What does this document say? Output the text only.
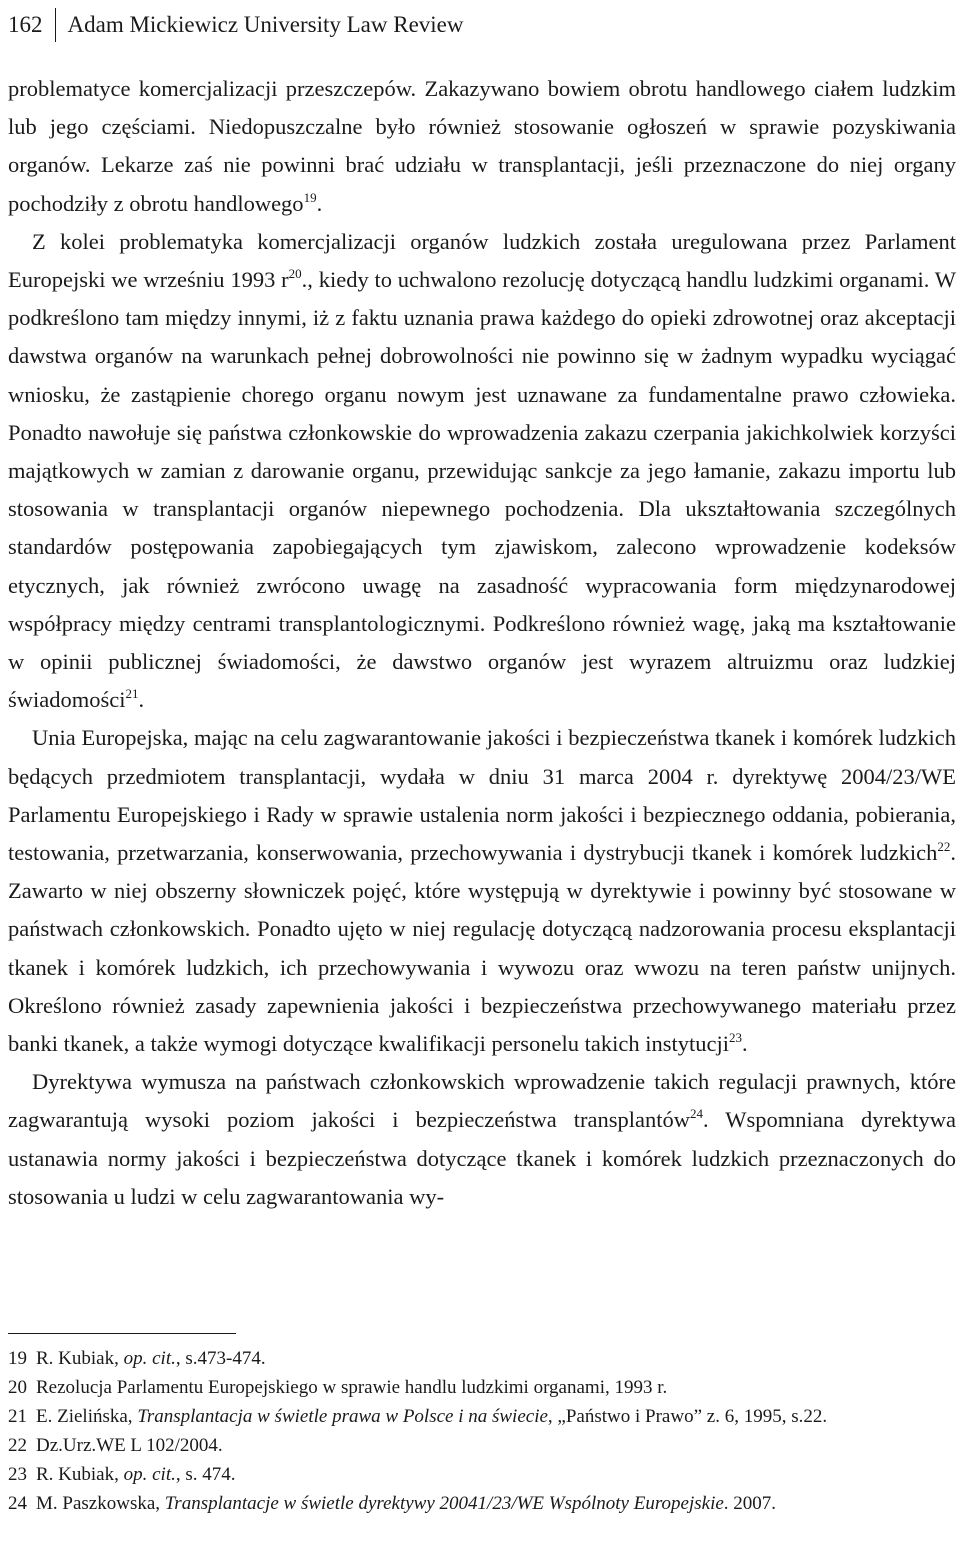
162	Adam Mickiewicz University Law Review

problematyce komercjalizacji przeszczepów. Zakazywano bowiem obrotu handlowego ciałem ludzkim lub jego częściami. Niedopuszczalne było również stosowanie ogłoszeń w sprawie pozyskiwania organów. Lekarze zaś nie powinni brać udziału w transplantacji, jeśli przeznaczone do niej organy pochodziły z obrotu handlowego$^{19}$.

Z kolei problematyka komercjalizacji organów ludzkich została uregulowana przez Parlament Europejski we wrześniu 1993 $r^{20}$., kiedy to uchwalono rezolucję dotyczącą handlu ludzkimi organami. W podkreślono tam między innymi, iż z faktu uznania prawa każdego do opieki zdrowotnej oraz akceptacji dawstwa organów na warunkach pełnej dobrowolności nie powinno się w żadnym wypadku wyciągać wniosku, że zastąpienie chorego organu nowym jest uznawane za fundamentalne prawo człowieka. Ponadto nawołuje się państwa członkowskie do wprowadzenia zakazu czerpania jakichkolwiek korzyści majątkowych w zamian z darowanie organu, przewidując sankcje za jego łamanie, zakazu importu lub stosowania w transplantacji organów niepewnego pochodzenia. Dla ukształtowania szczególnych standardów postępowania zapobiegających tym zjawiskom, zalecono wprowadzenie kodeksów etycznych, jak również zwrócono uwagę na zasadność wypracowania form międzynarodowej współpracy między centrami transplantologicznymi. Podkreślono również wagę, jaką ma kształtowanie w opinii publicznej świadomości, że dawstwo organów jest wyrazem altruizmu oraz ludzkiej świadomości$^{21}$.

Unia Europejska, mając na celu zagwarantowanie jakości i bezpieczeństwa tkanek i komórek ludzkich będących przedmiotem transplantacji, wydała w dniu 31 marca 2004 r. dyrektywę 2004/23/WE Parlamentu Europejskiego i Rady w sprawie ustalenia norm jakości i bezpiecznego oddania, pobierania, testowania, przetwarzania, konserwowania, przechowywania i dystrybucji tkanek i komórek ludzkich$^{22}$. Zawarto w niej obszerny słowniczek pojęć, które występują w dyrektywie i powinny być stosowane w państwach członkowskich. Ponadto ujęto w niej regulację dotyczącą nadzorowania procesu eksplantacji tkanek i komórek ludzkich, ich przechowywania i wywozu oraz wwozu na teren państw unijnych. Określono również zasady zapewnienia jakości i bezpieczeństwa przechowywanego materiału przez banki tkanek, a także wymogi dotyczące kwalifikacji personelu takich instytucji$^{23}$.

Dyrektywa wymusza na państwach członkowskich wprowadzenie takich regulacji prawnych, które zagwarantują wysoki poziom jakości i bezpieczeństwa transplantów$^{24}$. Wspomniana dyrektywa ustanawia normy jakości i bezpieczeństwa dotyczące tkanek i komórek ludzkich przeznaczonych do stosowania u ludzi w celu zagwarantowania wy-

19 R. Kubiak, op. cit., s.473-474.
20 Rezolucja Parlamentu Europejskiego w sprawie handlu ludzkimi organami, 1993 r.
21 E. Zielińska, Transplantacja w świetle prawa w Polsce i na świecie, „Państwo i Prawo” z. 6, 1995, s.22.
22 Dz.Urz.WE L 102/2004.
23 R. Kubiak, op. cit., s. 474.
24 M. Paszkowska, Transplantacje w świetle dyrektywy 20041/23/WE Wspólnoty Europejskie. 2007.
